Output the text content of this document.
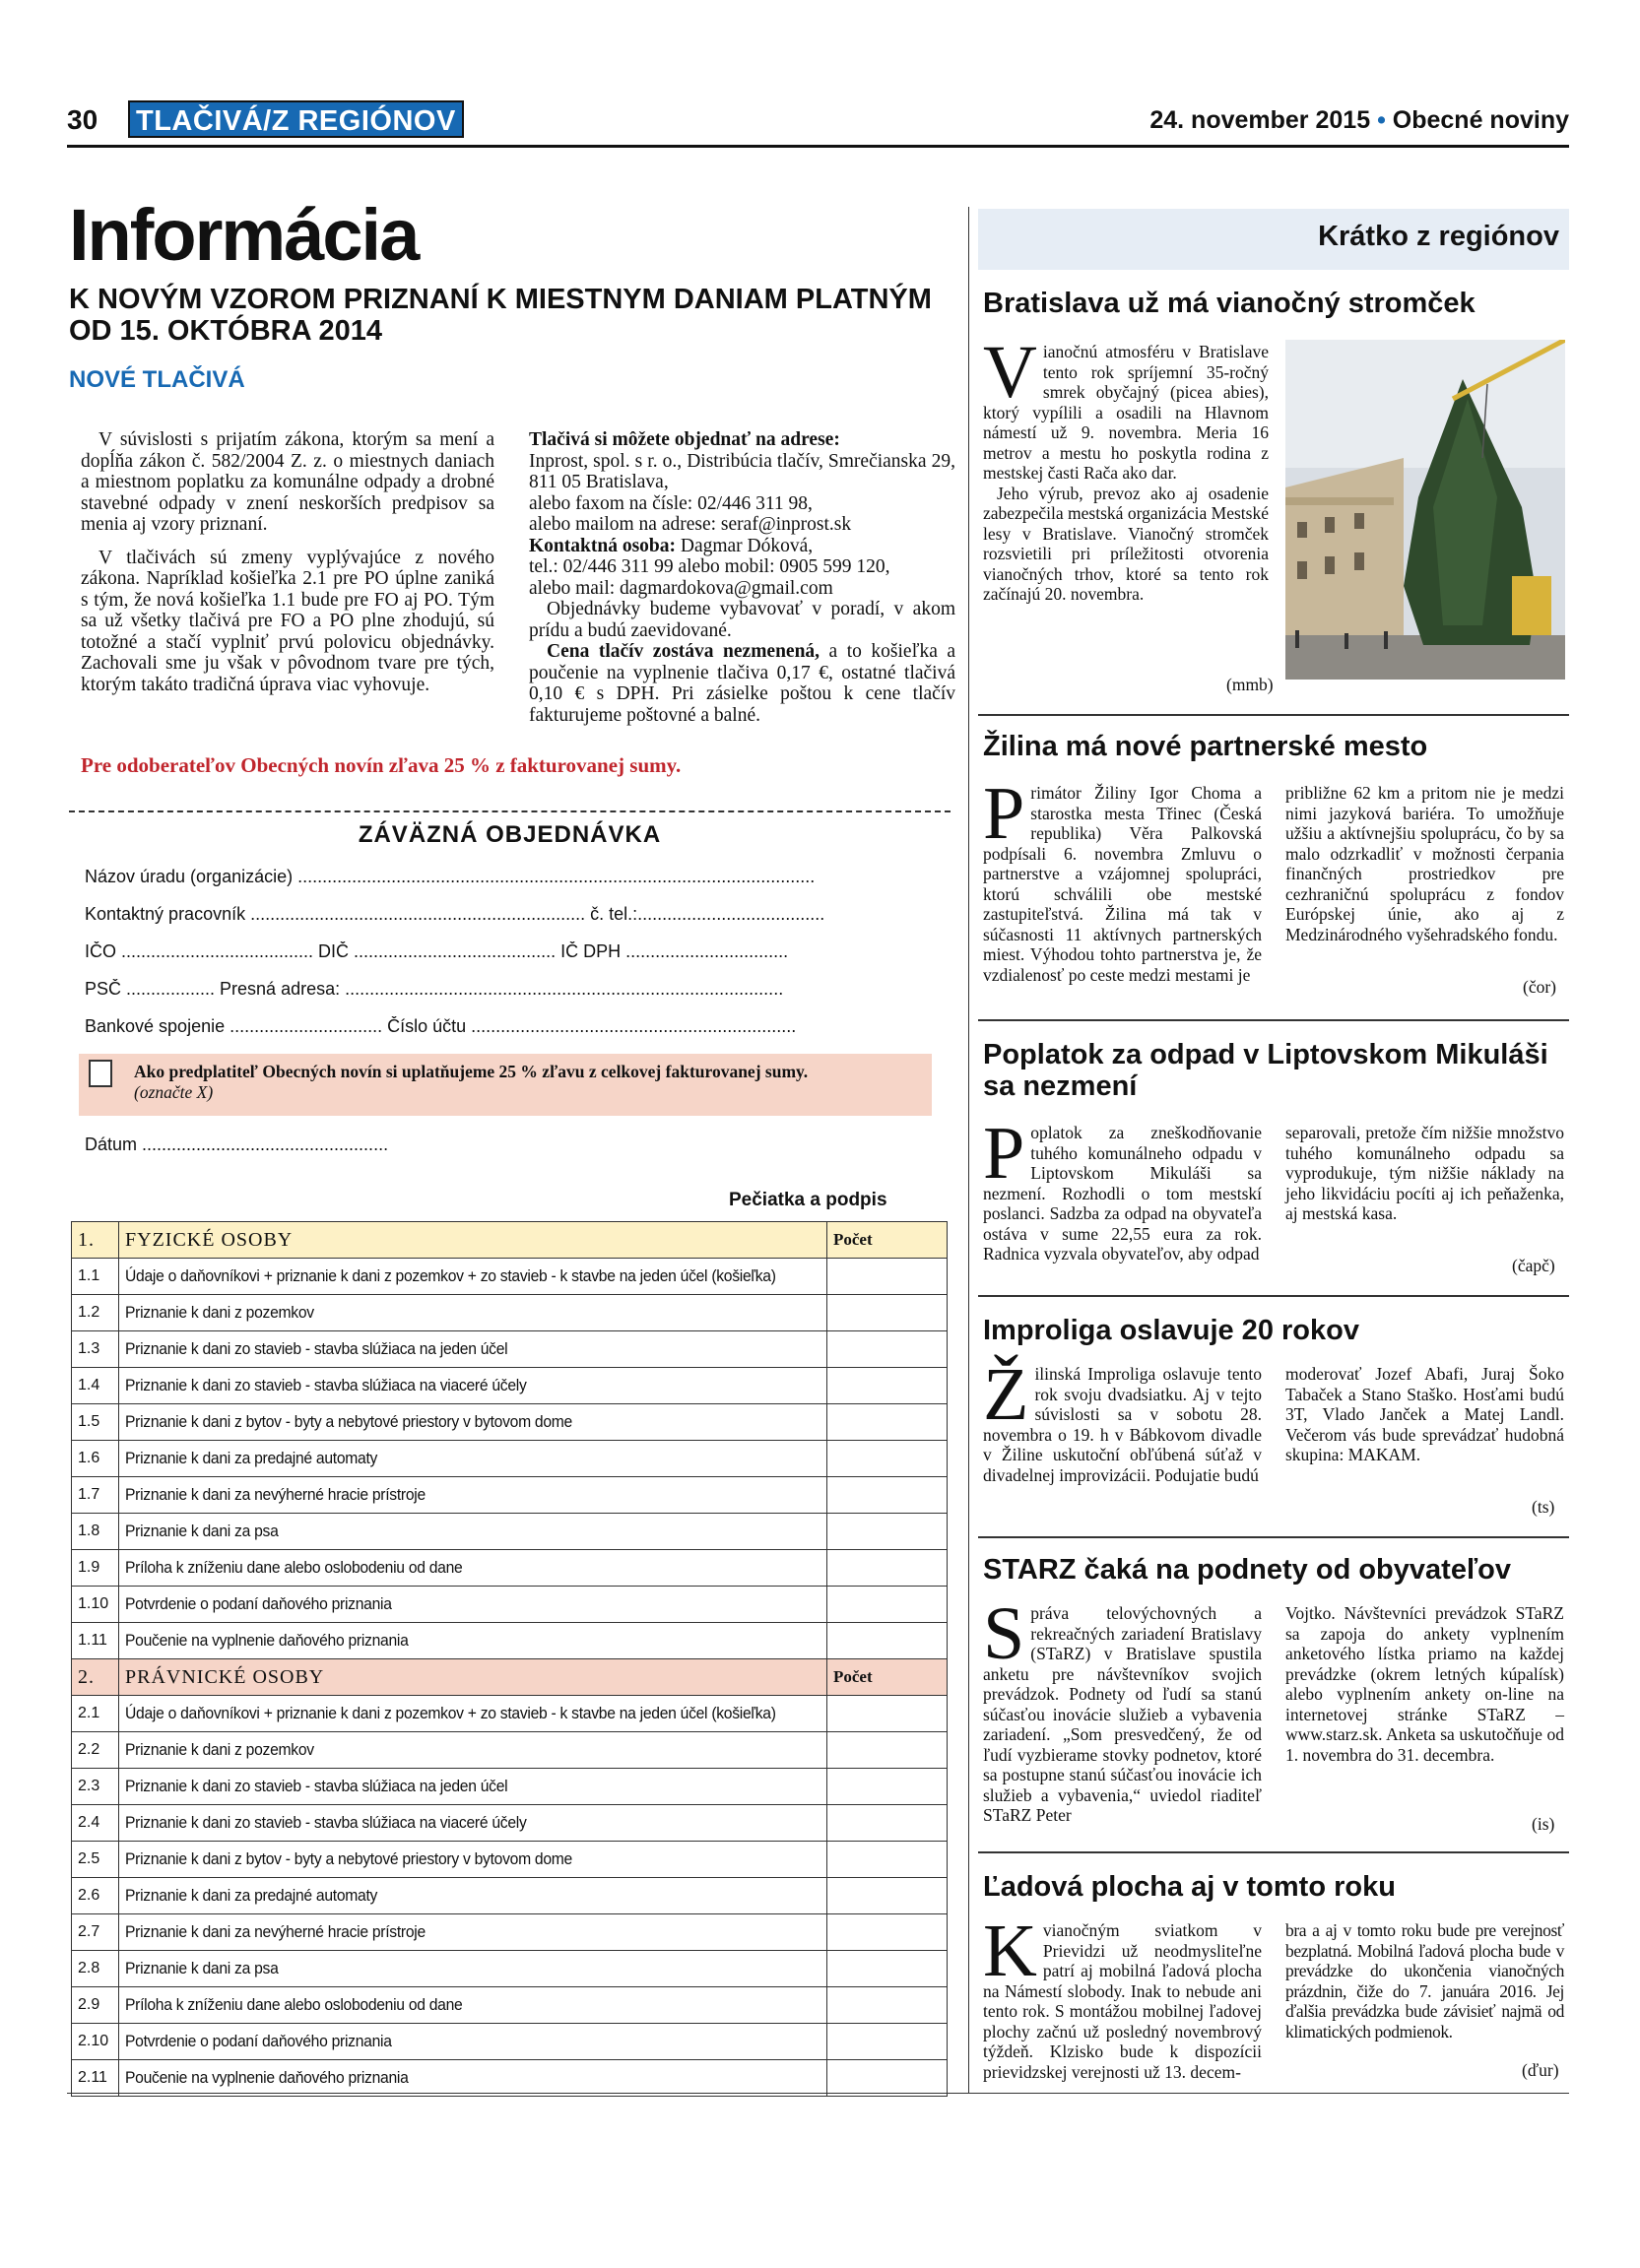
30 TLAČIVÁ/Z REGIÓNOV	24. november 2015 • Obecné noviny
Informácia
K NOVÝM VZOROM PRIZNANÍ K MIESTNYM DANIAM PLATNÝM OD 15. OKTÓBRA 2014
NOVÉ TLAČIVÁ

V súvislosti s prijatím zákona, ktorým sa mení a dopĺňa zákon č. 582/2004 Z. z. o miestnych daniach a miestnom poplatku za komunálne odpady a drobné stavebné odpady v znení neskorších predpisov sa menia aj vzory priznaní.

V tlačivách sú zmeny vyplývajúce z nového zákona. Napríklad košieľka 2.1 pre PO úplne zaniká s tým, že nová košieľka 1.1 bude pre FO aj PO. Tým sa už všetky tlačivá pre FO a PO plne zhodujú, sú totožné a stačí vyplniť prvú polovicu objednávky. Zachovali sme ju však v pôvodnom tvare pre tých, ktorým takáto tradičná úprava viac vyhovuje.

Tlačivá si môžete objednať na adrese:

Inprost, spol. s r. o., Distribúcia tlačív, Smrečianska 29, 811 05 Bratislava,

alebo faxom na čísle: 02/446 311 98,

alebo mailom na adrese: seraf@inprost.sk

Kontaktná osoba: Dagmar Dóková,

tel.: 02/446 311 99 alebo mobil: 0905 599 120,

alebo mail: dagmardokova@gmail.com

Objednávky budeme vybavovať v poradí, v akom prídu a budú zaevidované.

Cena tlačív zostáva nezmenená, a to košieľka a poučenie na vyplnenie tlačiva 0,17 €, ostatné tlačivá 0,10 € s DPH. Pri zásielke poštou k cene tlačív fakturujeme poštovné a balné.

Pre odoberateľov Obecných novín zľava 25 % z fakturovanej sumy.
ZÁVÄZNÁ OBJEDNÁVKA
Názov úradu (organizácie) .........................................................................................................
Kontaktný pracovník .................................................................... č. tel.:......................................
IČO ....................................... DIČ ......................................... IČ DPH .................................
PSČ .................. Presná adresa: .........................................................................................
Bankové spojenie ............................... Číslo účtu ..................................................................
Ako predplatiteľ Obecných novín si uplatňujeme 25 % zľavu z celkovej fakturovanej sumy.
(označte X)
Dátum ..................................................
Pečiatka a podpis
1.	FYZICKÉ OSOBY	Počet
1.1	Údaje o daňovníkovi + priznanie k dani z pozemkov + zo stavieb - k stavbe na jeden účel (košieľka)	
1.2	Priznanie k dani z pozemkov	
1.3	Priznanie k dani zo stavieb - stavba slúžiaca na jeden účel	
1.4	Priznanie k dani zo stavieb - stavba slúžiaca na viaceré účely	
1.5	Priznanie k dani z bytov - byty a nebytové priestory v bytovom dome	
1.6	Priznanie k dani za predajné automaty	
1.7	Priznanie k dani za nevýherné hracie prístroje	
1.8	Priznanie k dani za psa	
1.9	Príloha k zníženiu dane alebo oslobodeniu od dane	
1.10	Potvrdenie o podaní daňového priznania	
1.11	Poučenie na vyplnenie daňového priznania	
2.	PRÁVNICKÉ OSOBY	Počet
2.1	Údaje o daňovníkovi + priznanie k dani z pozemkov + zo stavieb - k stavbe na jeden účel (košieľka)	
2.2	Priznanie k dani z pozemkov	
2.3	Priznanie k dani zo stavieb - stavba slúžiaca na jeden účel	
2.4	Priznanie k dani zo stavieb - stavba slúžiaca na viaceré účely	
2.5	Priznanie k dani z bytov - byty a nebytové priestory v bytovom dome	
2.6	Priznanie k dani za predajné automaty	
2.7	Priznanie k dani za nevýherné hracie prístroje	
2.8	Priznanie k dani za psa	
2.9	Príloha k zníženiu dane alebo oslobodeniu od dane	
2.10	Potvrdenie o podaní daňového priznania	
2.11	Poučenie na vyplnenie daňového priznania	
Krátko z regiónov
Bratislava už má vianočný stromček

Vianočnú atmosféru v Bratislave tento rok spríjemní 35-ročný smrek obyčajný (picea abies), ktorý vypílili a osadili na Hlavnom námestí už 9. novembra. Meria 16 metrov a mestu ho poskytla rodina z mestskej časti Rača ako dar.

Jeho výrub, prevoz ako aj osadenie zabezpečila mestská organizácia Mestské lesy v Bratislave. Vianočný stromček rozsvietili pri príležitosti otvorenia vianočných trhov, ktoré sa tento rok začínajú 20. novembra.

(mmb)
Žilina má nové partnerské mesto

Primátor Žiliny Igor Choma a starostka mesta Třinec (Česká republika) Věra Palkovská podpísali 6. novembra Zmluvu o partnerstve a vzájomnej spolupráci, ktorú schválili obe mestské zastupiteľstvá. Žilina má tak v súčasnosti 11 aktívnych partnerských miest. Výhodou tohto partnerstva je, že vzdialenosť po ceste medzi mestami je

približne 62 km a pritom nie je medzi nimi jazyková bariéra. To umožňuje užšiu a aktívnejšiu spoluprácu, čo by sa malo odzrkadliť v možnosti čerpania finančných prostriedkov pre cezhraničnú spoluprácu z fondov Európskej únie, ako aj z Medzinárodného vyšehradského fondu.
(čor)
Poplatok za odpad v Liptovskom Mikuláši sa nezmení

Poplatok za zneškodňovanie tuhého komunálneho odpadu v Liptovskom Mikuláši sa nezmení. Rozhodli o tom mestskí poslanci. Sadzba za odpad na obyvateľa ostáva v sume 22,55 eura za rok. Radnica vyzvala obyvateľov, aby odpad

separovali, pretože čím nižšie množstvo tuhého komunálneho odpadu sa vyprodukuje, tým nižšie náklady na jeho likvidáciu pocíti aj ich peňaženka, aj mestská kasa.
(čapč)
Improliga oslavuje 20 rokov

Žilinská Improliga oslavuje tento rok svoju dvadsiatku. Aj v tejto súvislosti sa v sobotu 28. novembra o 19. h v Bábkovom divadle v Žiline uskutoční obľúbená súťaž v divadelnej improvizácii. Podujatie budú

moderovať Jozef Abafi, Juraj Šoko Tabaček a Stano Staško. Hosťami budú 3T, Vlado Janček a Matej Landl. Večerom vás bude sprevádzať hudobná skupina: MAKAM.
(ts)
STARZ čaká na podnety od obyvateľov

Správa telovýchovných a rekreačných zariadení Bratislavy (STaRZ) v Bratislave spustila anketu pre návštevníkov svojich prevádzok. Podnety od ľudí sa stanú súčasťou inovácie služieb a vybavenia zariadení. „Som presvedčený, že od ľudí vyzbierame stovky podnetov, ktoré sa postupne stanú súčasťou inovácie ich služieb a vybavenia,“ uviedol riaditeľ STaRZ Peter

Vojtko. Návštevníci prevádzok STaRZ sa zapoja do ankety vyplnením anketového lístka priamo na každej prevádzke (okrem letných kúpalísk) alebo vyplnením ankety on-line na internetovej stránke STaRZ – www.starz.sk. Anketa sa uskutočňuje od 1. novembra do 31. decembra.
(is)
Ľadová plocha aj v tomto roku

Kvianočným sviatkom v Prievidzi už neodmysliteľne patrí aj mobilná ľadová plocha na Námestí slobody. Inak to nebude ani tento rok. S montážou mobilnej ľadovej plochy začnú už posledný novembrový týždeň. Klzisko bude k dispozícii prievidzskej verejnosti už 13. decem-

bra a aj v tomto roku bude pre verejnosť bezplatná. Mobilná ľadová plocha bude v prevádzke do ukončenia vianočných prázdnin, čiže do 7. januára 2016. Jej ďalšia prevádzka bude závisieť najmä od klimatických podmienok.
(ďur)
